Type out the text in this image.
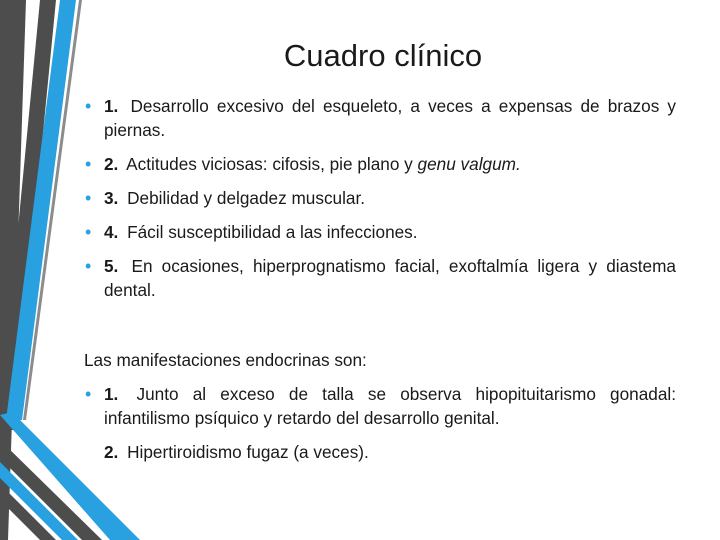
Cuadro clínico

• 1. Desarrollo excesivo del esqueleto, a veces a expensas de brazos y piernas.

• 2. Actitudes viciosas: cifosis, pie plano y genu valgum.

• 3. Debilidad y delgadez muscular.

• 4. Fácil susceptibilidad a las infecciones.

• 5. En ocasiones, hiperprognatismo facial, exoftalmía ligera y diastema dental.

Las manifestaciones endocrinas son:

• 1. Junto al exceso de talla se observa hipopituitarismo gonadal: infantilismo psíquico y retardo del desarrollo genital.

2. Hipertiroidismo fugaz (a veces).
